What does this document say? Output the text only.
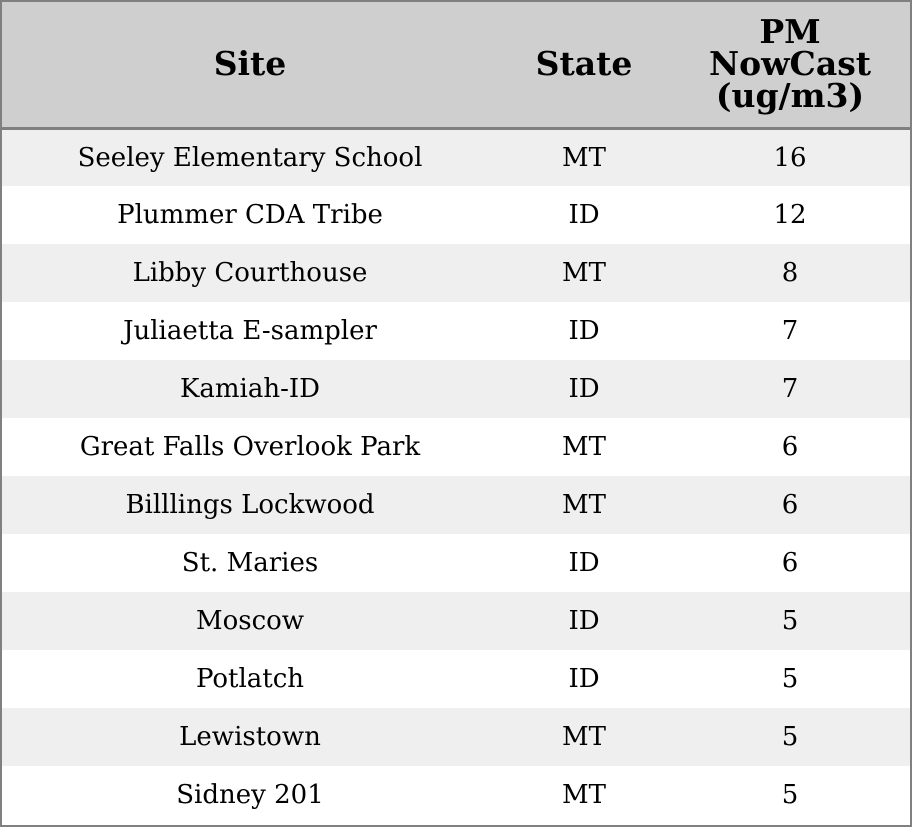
Site	State	PM
NowCast
(ug/m3)

Seeley Elementary School	MT	16
Plummer CDA Tribe	ID	12
Libby Courthouse	MT	8
Juliaetta E-sampler	ID	7
Kamiah-ID	ID	7
Great Falls Overlook Park	MT	6
Billlings Lockwood	MT	6
St. Maries	ID	6
Moscow	ID	5
Potlatch	ID	5
Lewistown	MT	5
Sidney 201	MT	5
